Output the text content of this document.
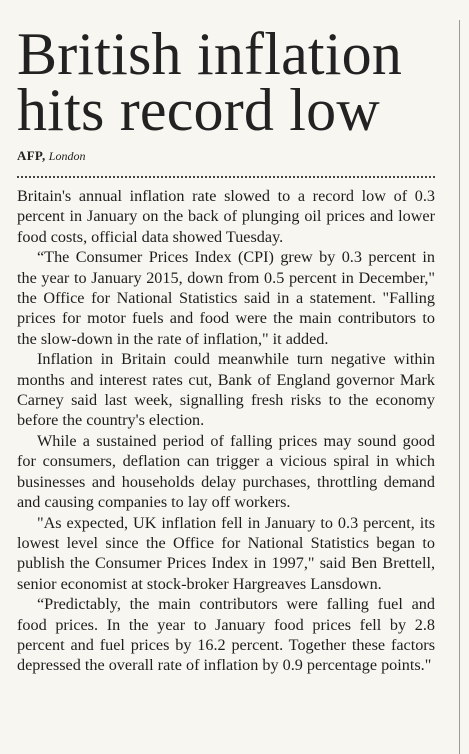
British inflation hits record low
AFP, London

Britain's annual inflation rate slowed to a record low of 0.3 percent in January on the back of plunging oil prices and lower food costs, official data showed Tuesday.

“The Consumer Prices Index (CPI) grew by 0.3 percent in the year to January 2015, down from 0.5 percent in December," the Office for National Statistics said in a statement. "Falling prices for motor fuels and food were the main contributors to the slow-down in the rate of inflation," it added.

Inflation in Britain could meanwhile turn negative within months and interest rates cut, Bank of England governor Mark Carney said last week, signalling fresh risks to the economy before the country's election.

While a sustained period of falling prices may sound good for consumers, deflation can trigger a vicious spiral in which businesses and households delay purchases, throttling demand and causing companies to lay off workers.

"As expected, UK inflation fell in January to 0.3 percent, its lowest level since the Office for National Statistics began to publish the Consumer Prices Index in 1997," said Ben Brettell, senior economist at stock-broker Hargreaves Lansdown.

“Predictably, the main contributors were falling fuel and food prices. In the year to January food prices fell by 2.8 percent and fuel prices by 16.2 percent. Together these factors depressed the overall rate of inflation by 0.9 percentage points."
